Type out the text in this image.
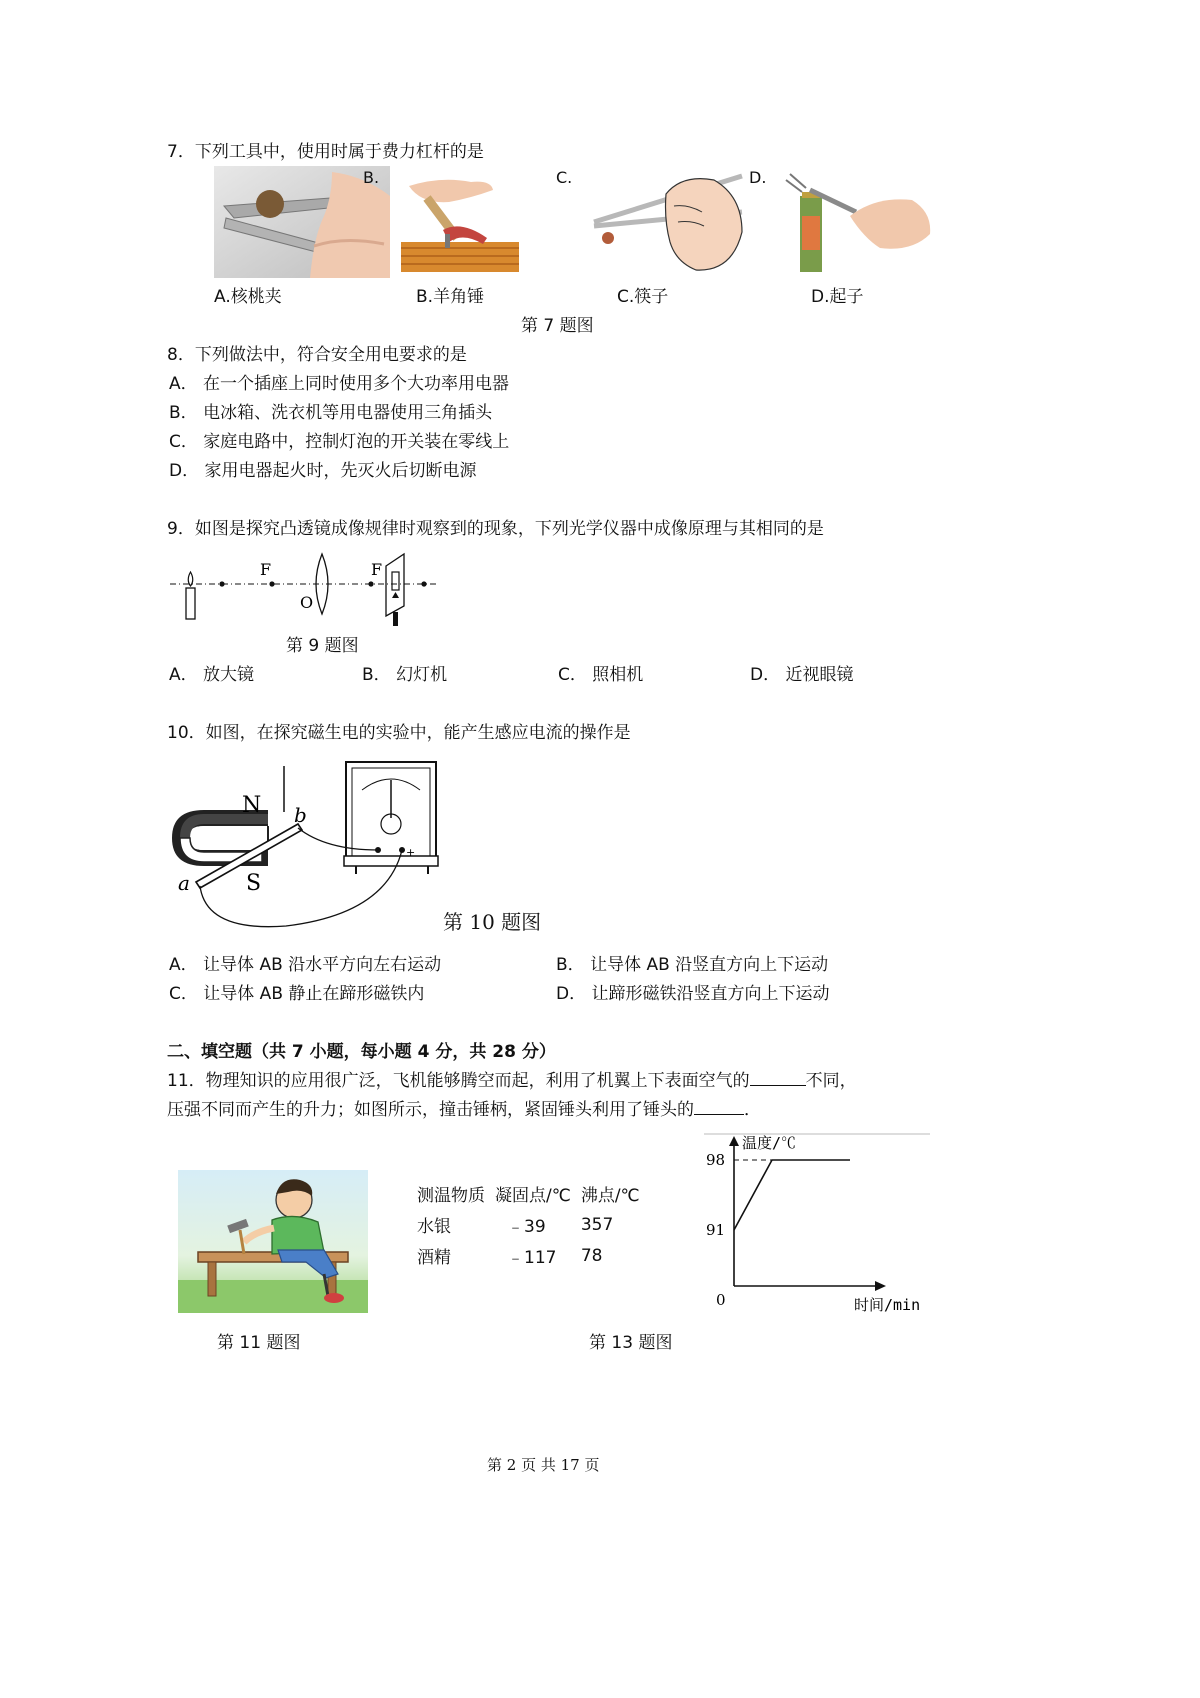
7．下列工具中，使用时属于费力杠杆的是
B.	C.	D.
A.核桃夹	B.羊角锤	C.筷子	D.起子
第 7 题图
8．下列做法中，符合安全用电要求的是
A． 在一个插座上同时使用多个大功率用电器
B． 电冰箱、洗衣机等用电器使用三角插头
C． 家庭电路中，控制灯泡的开关装在零线上
D． 家用电器起火时，先灭火后切断电源
9．如图是探究凸透镜成像规律时观察到的现象，下列光学仪器中成像原理与其相同的是
F
O
F
第 9 题图
A． 放大镜	B． 幻灯机	C． 照相机	D． 近视眼镜
10．如图，在探究磁生电的实验中，能产生感应电流的操作是
N
S
a
b
+
第 10 题图
A． 让导体 AB 沿水平方向左右运动	B． 让导体 AB 沿竖直方向上下运动
C． 让导体 AB 静止在蹄形磁铁内	D． 让蹄形磁铁沿竖直方向上下运动
二、填空题（共 7 小题，每小题 4 分，共 28 分）
11．物理知识的应用很广泛，飞机能够腾空而起，利用了机翼上下表面空气的	不同，
压强不同而产生的升力；如图所示，撞击锤柄，紧固锤头利用了锤头的	．
第 11 题图
测温物质	凝固点/℃	沸点/℃
水银	﹣39	357
酒精	﹣117	78
第 13 题图
温度/℃
时间/min
0
91
98
第 2 页 共 17 页
